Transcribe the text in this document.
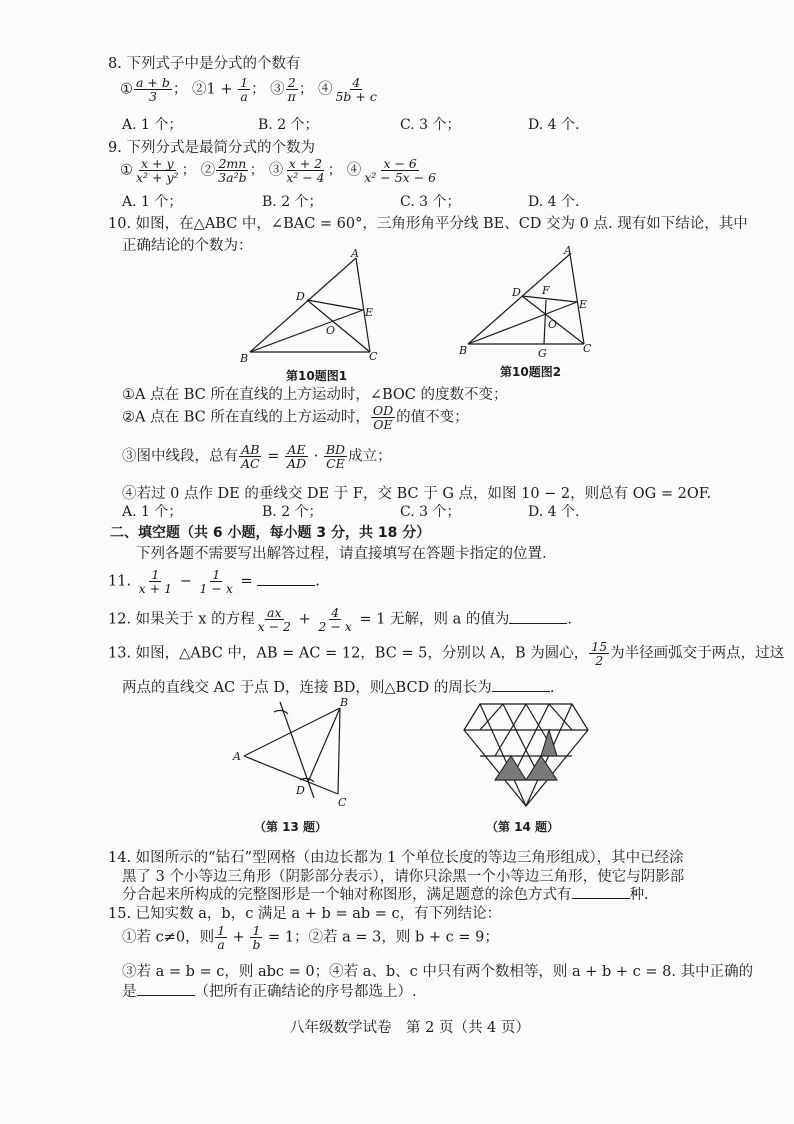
8. 下列式子中是分式的个数有
① $\frac{a + b}{3}$ ； ②1 + $\frac{1}{a}$ ； ③ $\frac{2}{\pi}$ ； ④ $\frac{4}{5b + c}$
A. 1 个；	B. 2 个；	C. 3 个；	D. 4 个.
9. 下列分式是最简分式的个数为
① $\frac{x + y}{\text{x² + y²}}$ ； ② $\frac{2mn}{\text{3a²b}}$ ； ③ $\frac{x + 2}{\text{x² − 4}}$ ； ④ $\frac{x - 6}{\text{x² − 5x − 6}}$
A. 1 个；	B. 2 个；	C. 3 个；	D. 4 个.
10. 如图，在△ABC 中，∠BAC = 60°，三角形角平分线 BE、CD 交为 0 点. 现有如下结论，其中
正确结论的个数为：	A
B	C
D
E
O
第10题图1
A
B	C
D
E
F
O
G
第10题图2
①A 点在 BC 所在直线的上方运动时，∠BOC 的度数不变；
②A 点在 BC 所在直线的上方运动时， $\frac{OD}{OE}$ 的值不变；
③图中线段，总有 $\frac{AB}{AC} = \frac{AE}{AD} \cdot \frac{BD}{CE}$ 成立；
④若过 0 点作 DE 的垂线交 DE 于 F，交 BC 于 G 点，如图 10 − 2，则总有 OG = 2OF.
A. 1 个；	B. 2 个；	C. 3 个；	D. 4 个.
二、填空题（共 6 小题，每小题 3 分，共 18 分）
下列各题不需要写出解答过程，请直接填写在答题卡指定的位置.
11. $\frac{1}{x + 1} - \frac{1}{1 - x}$ =	.
12. 如果关于 x 的方程 $\frac{ax}{x - 2} + \frac{4}{2 - x} = 1$ 无解，则 a 的值为	.
13. 如图，△ABC 中，AB = AC = 12，BC = 5，分别以 A，B 为圆心， $\frac{15}{2}$ 为半径画弧交于两点，过这
两点的直线交 AC 于点 D，连接 BD，则△BCD 的周长为	.
A
B
C
D
（第 13 题）	（第 14 题）
14. 如图所示的“钻石”型网格（由边长都为 1 个单位长度的等边三角形组成），其中已经涂
黑了 3 个小等边三角形（阴影部分表示），请你只涂黑一个小等边三角形，使它与阴影部
分合起来所构成的完整图形是一个轴对称图形，满足题意的涂色方式有	种.
15. 已知实数 a，b，c 满足 a + b = ab = c，有下列结论：
①若 c≠0，则 $\frac{1}{a} + \frac{1}{b} = 1$；②若 a = 3，则 b + c = 9；
③若 a = b = c，则 abc = 0；④若 a、b、c 中只有两个数相等，则 a + b + c = 8. 其中正确的
是	（把所有正确结论的序号都选上）.
八年级数学试卷　第 2 页（共 4 页）
